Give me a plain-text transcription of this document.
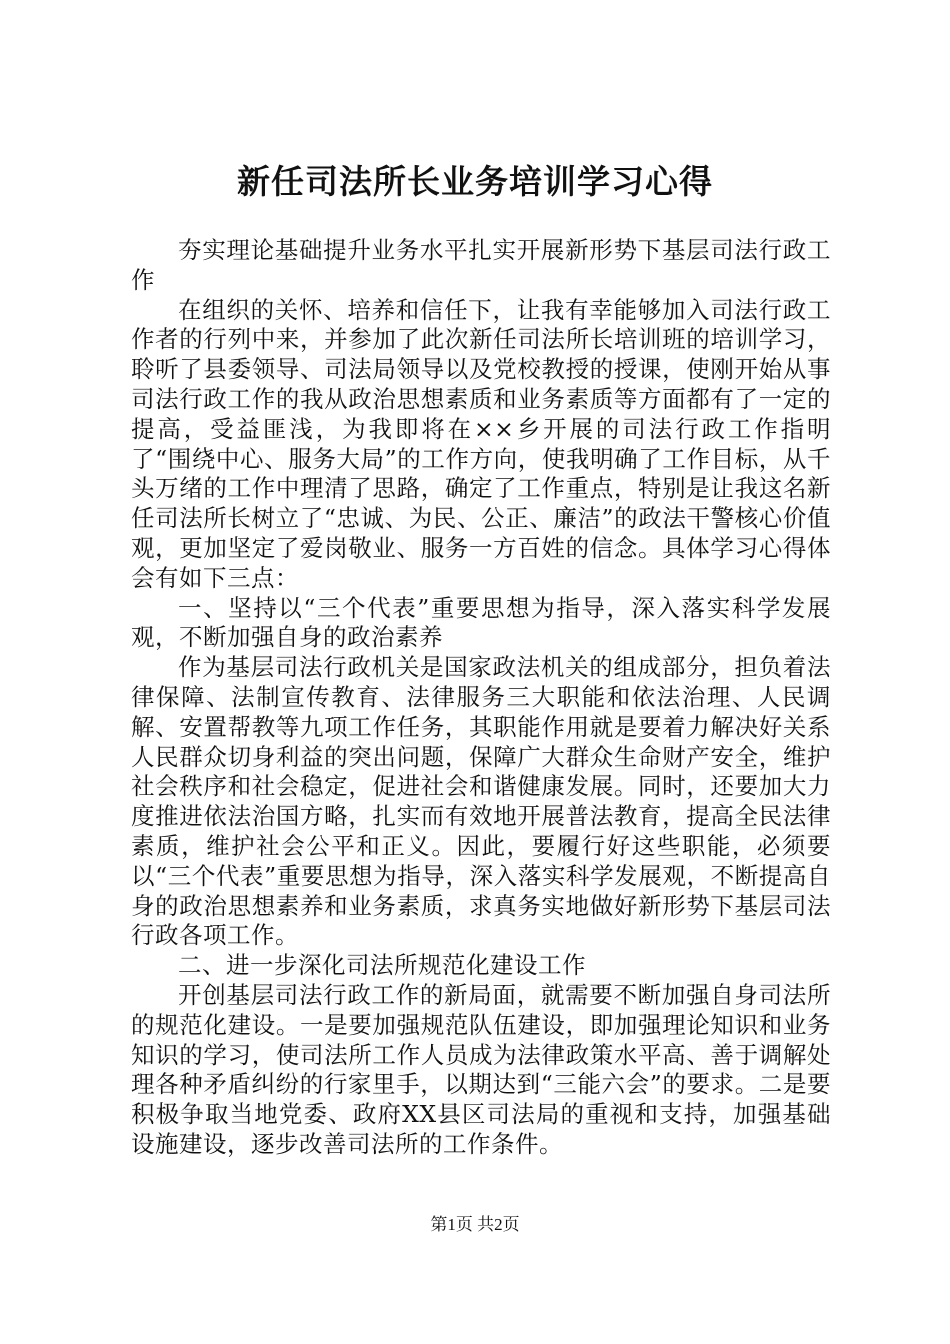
新任司法所长业务培训学习心得

夯实理论基础提升业务水平扎实开展新形势下基层司法行政工作

在组织的关怀、培养和信任下，让我有幸能够加入司法行政工作者的行列中来，并参加了此次新任司法所长培训班的培训学习，聆听了县委领导、司法局领导以及党校教授的授课，使刚开始从事司法行政工作的我从政治思想素质和业务素质等方面都有了一定的提高，受益匪浅，为我即将在××乡开展的司法行政工作指明了“围绕中心、服务大局”的工作方向，使我明确了工作目标，从千头万绪的工作中理清了思路，确定了工作重点，特别是让我这名新任司法所长树立了“忠诚、为民、公正、廉洁”的政法干警核心价值观，更加坚定了爱岗敬业、服务一方百姓的信念。具体学习心得体会有如下三点：

一、坚持以“三个代表”重要思想为指导，深入落实科学发展观，不断加强自身的政治素养

作为基层司法行政机关是国家政法机关的组成部分，担负着法律保障、法制宣传教育、法律服务三大职能和依法治理、人民调解、安置帮教等九项工作任务，其职能作用就是要着力解决好关系人民群众切身利益的突出问题，保障广大群众生命财产安全，维护社会秩序和社会稳定，促进社会和谐健康发展。同时，还要加大力度推进依法治国方略，扎实而有效地开展普法教育，提高全民法律素质，维护社会公平和正义。因此，要履行好这些职能，必须要以“三个代表”重要思想为指导，深入落实科学发展观，不断提高自身的政治思想素养和业务素质，求真务实地做好新形势下基层司法行政各项工作。

二、进一步深化司法所规范化建设工作

开创基层司法行政工作的新局面，就需要不断加强自身司法所的规范化建设。一是要加强规范队伍建设，即加强理论知识和业务知识的学习，使司法所工作人员成为法律政策水平高、善于调解处理各种矛盾纠纷的行家里手，以期达到“三能六会”的要求。二是要积极争取当地党委、政府XX县区司法局的重视和支持，加强基础设施建设，逐步改善司法所的工作条件。

第1页 共2页
